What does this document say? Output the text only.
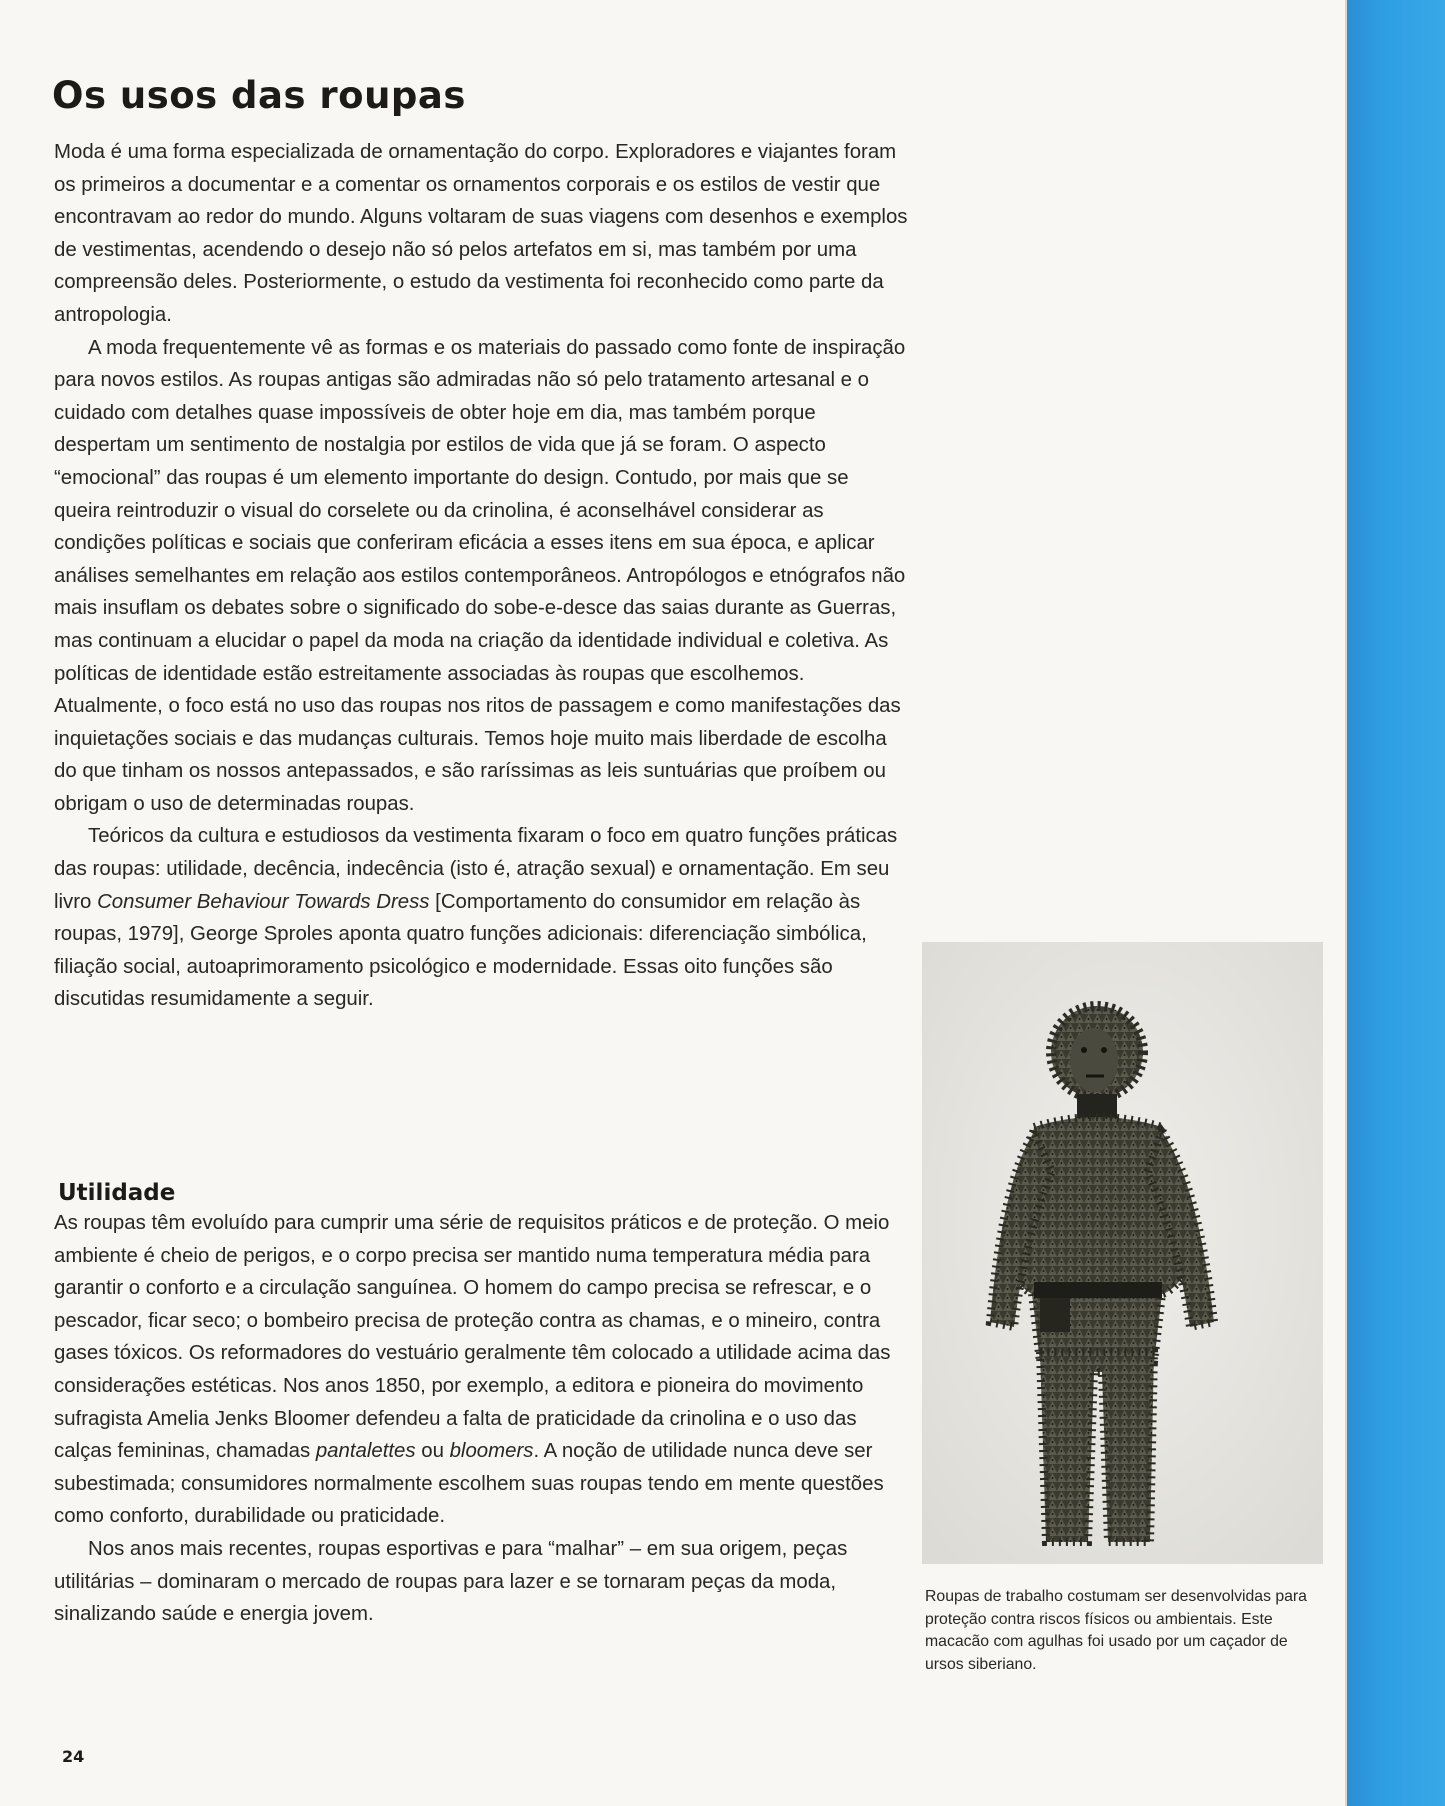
Os usos das roupas

Moda é uma forma especializada de ornamentação do corpo. Exploradores e viajantes foram os primeiros a documentar e a comentar os ornamentos corporais e os estilos de vestir que encontravam ao redor do mundo. Alguns voltaram de suas viagens com desenhos e exemplos de vestimentas, acendendo o desejo não só pelos artefatos em si, mas também por uma compreensão deles. Posteriormente, o estudo da vestimenta foi reconhecido como parte da antropologia.

A moda frequentemente vê as formas e os materiais do passado como fonte de inspiração para novos estilos. As roupas antigas são admiradas não só pelo tratamento artesanal e o cuidado com detalhes quase impossíveis de obter hoje em dia, mas também porque despertam um sentimento de nostalgia por estilos de vida que já se foram. O aspecto “emocional” das roupas é um elemento importante do design. Contudo, por mais que se queira reintroduzir o visual do corselete ou da crinolina, é aconselhável considerar as condições políticas e sociais que conferiram eficácia a esses itens em sua época, e aplicar análises semelhantes em relação aos estilos contemporâneos. Antropólogos e etnógrafos não mais insuflam os debates sobre o significado do sobe-e-desce das saias durante as Guerras, mas continuam a elucidar o papel da moda na criação da identidade individual e coletiva. As políticas de identidade estão estreitamente associadas às roupas que escolhemos. Atualmente, o foco está no uso das roupas nos ritos de passagem e como manifestações das inquietações sociais e das mudanças culturais. Temos hoje muito mais liberdade de escolha do que tinham os nossos antepassados, e são raríssimas as leis suntuárias que proíbem ou obrigam o uso de determinadas roupas.

Teóricos da cultura e estudiosos da vestimenta fixaram o foco em quatro funções práticas das roupas: utilidade, decência, indecência (isto é, atração sexual) e ornamentação. Em seu livro Consumer Behaviour Towards Dress [Comportamento do consumidor em relação às roupas, 1979], George Sproles aponta quatro funções adicionais: diferenciação simbólica, filiação social, autoaprimoramento psicológico e modernidade. Essas oito funções são discutidas resumidamente a seguir.

Utilidade

As roupas têm evoluído para cumprir uma série de requisitos práticos e de proteção. O meio ambiente é cheio de perigos, e o corpo precisa ser mantido numa temperatura média para garantir o conforto e a circulação sanguínea. O homem do campo precisa se refrescar, e o pescador, ficar seco; o bombeiro precisa de proteção contra as chamas, e o mineiro, contra gases tóxicos. Os reformadores do vestuário geralmente têm colocado a utilidade acima das considerações estéticas. Nos anos 1850, por exemplo, a editora e pioneira do movimento sufragista Amelia Jenks Bloomer defendeu a falta de praticidade da crinolina e o uso das calças femininas, chamadas pantalettes ou bloomers. A noção de utilidade nunca deve ser subestimada; consumidores normalmente escolhem suas roupas tendo em mente questões como conforto, durabilidade ou praticidade.

Nos anos mais recentes, roupas esportivas e para “malhar” – em sua origem, peças utilitárias – dominaram o mercado de roupas para lazer e se tornaram peças da moda, sinalizando saúde e energia jovem.

Roupas de trabalho costumam ser desenvolvidas para proteção contra riscos físicos ou ambientais. Este macacão com agulhas foi usado por um caçador de ursos siberiano.

24
